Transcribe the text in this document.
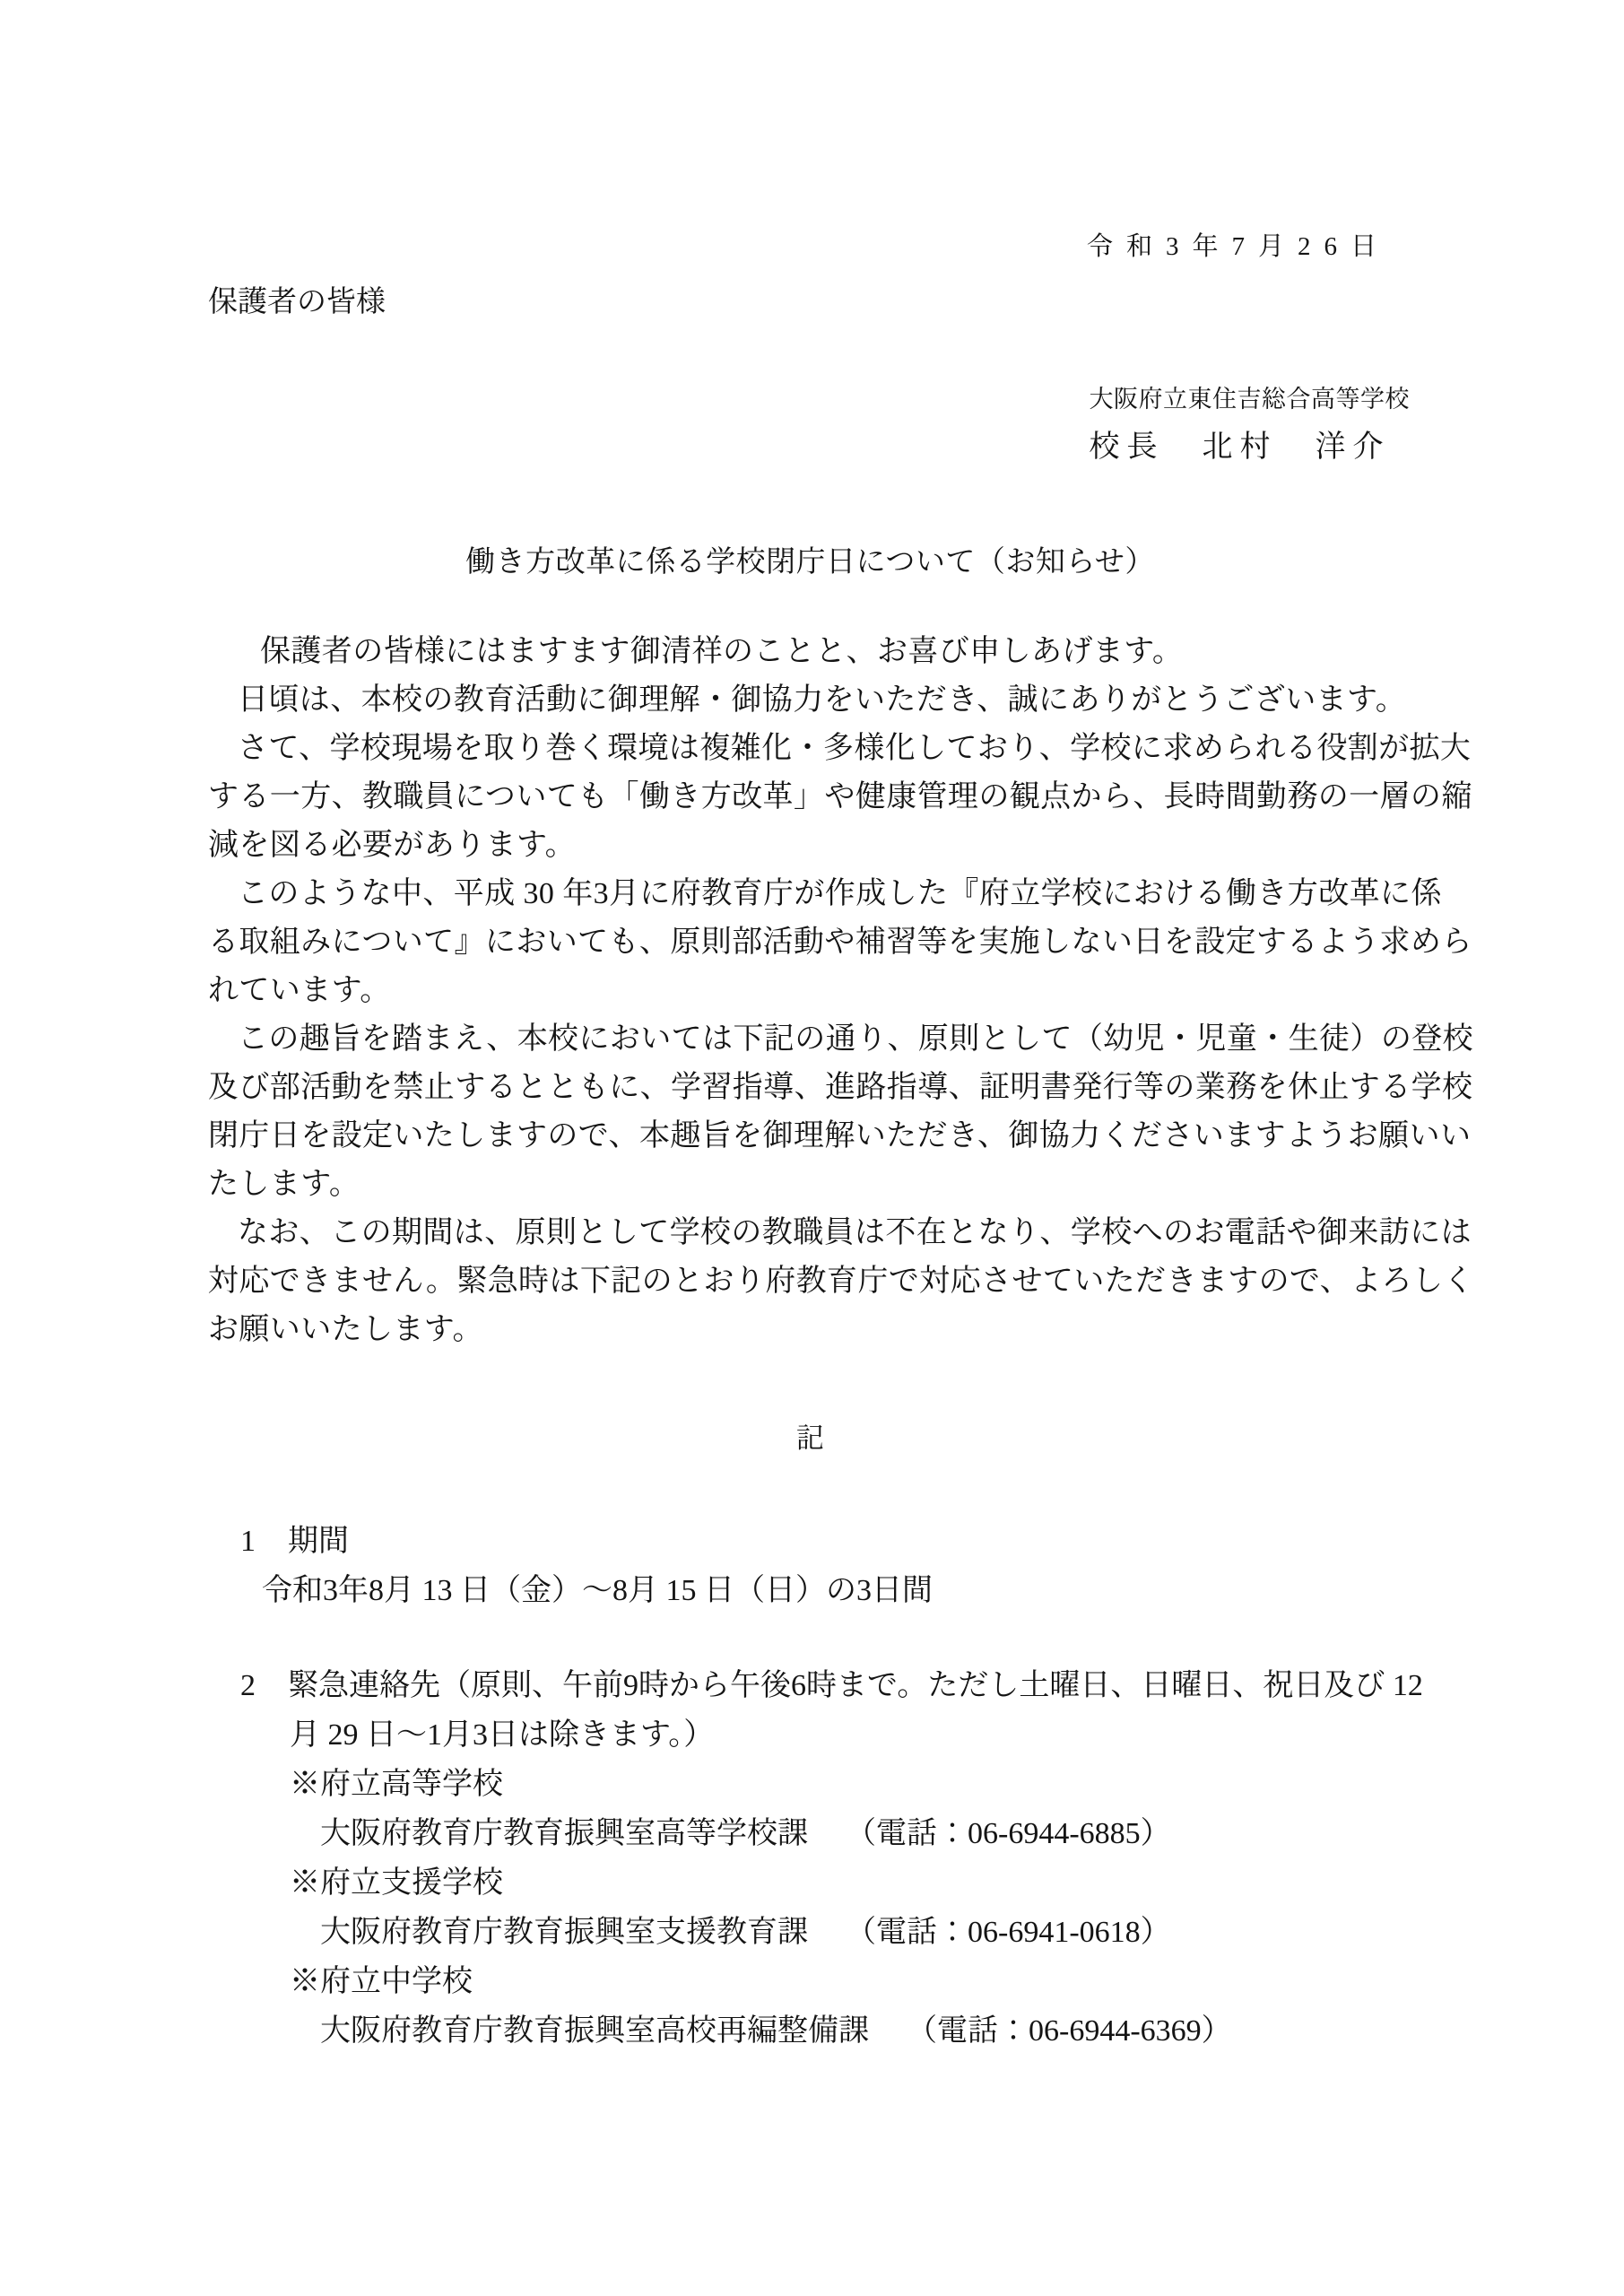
令和3年7月26日
保護者の皆様
大阪府立東住吉総合高等学校
校長　北村　洋介
働き方改革に係る学校閉庁日について（お知らせ）
保護者の皆様にはますます御清祥のことと、お喜び申しあげます。
日頃は、本校の教育活動に御理解・御協力をいただき、誠にありがとうございます。
さて、学校現場を取り巻く環境は複雑化・多様化しており、学校に求められる役割が拡大
する一方、教職員についても「働き方改革」や健康管理の観点から、長時間勤務の一層の縮
減を図る必要があります。
このような中、平成 30 年3月に府教育庁が作成した『府立学校における働き方改革に係
る取組みについて』においても、原則部活動や補習等を実施しない日を設定するよう求めら
れています。
この趣旨を踏まえ、本校においては下記の通り、原則として（幼児・児童・生徒）の登校
及び部活動を禁止するとともに、学習指導、進路指導、証明書発行等の業務を休止する学校
閉庁日を設定いたしますので、本趣旨を御理解いただき、御協力くださいますようお願いい
たします。
なお、この期間は、原則として学校の教職員は不在となり、学校へのお電話や御来訪には
対応できません。緊急時は下記のとおり府教育庁で対応させていただきますので、よろしく
お願いいたします。
記
1 期間
令和3年8月 13 日（金）～8月 15 日（日）の3日間
2 緊急連絡先（原則、午前9時から午後6時まで。ただし土曜日、日曜日、祝日及び 12
月 29 日～1月3日は除きます。）
※府立高等学校
大阪府教育庁教育振興室高等学校課 （電話：06-6944-6885）
※府立支援学校
大阪府教育庁教育振興室支援教育課 （電話：06-6941-0618）
※府立中学校
大阪府教育庁教育振興室高校再編整備課 （電話：06-6944-6369）
